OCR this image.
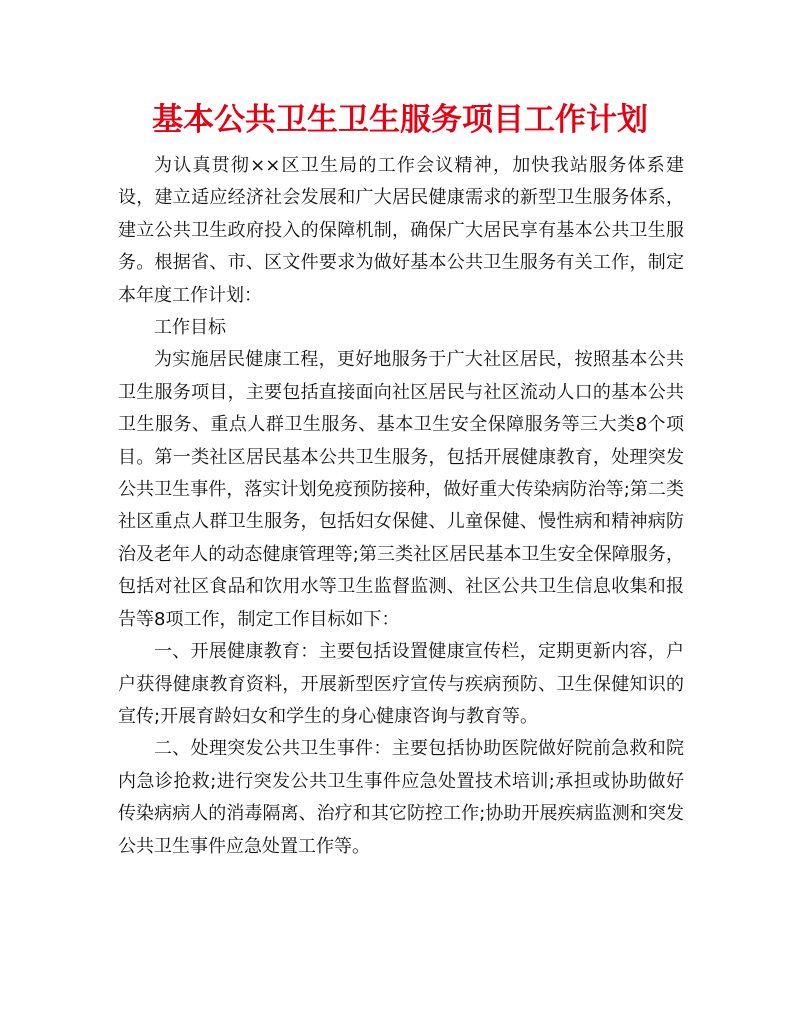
基本公共卫生卫生服务项目工作计划

为认真贯彻××区卫生局的工作会议精神，加快我站服务体系建设，建立适应经济社会发展和广大居民健康需求的新型卫生服务体系，建立公共卫生政府投入的保障机制，确保广大居民享有基本公共卫生服务。根据省、市、区文件要求为做好基本公共卫生服务有关工作，制定本年度工作计划：

工作目标

为实施居民健康工程，更好地服务于广大社区居民，按照基本公共卫生服务项目，主要包括直接面向社区居民与社区流动人口的基本公共卫生服务、重点人群卫生服务、基本卫生安全保障服务等三大类8个项目。第一类社区居民基本公共卫生服务，包括开展健康教育，处理突发公共卫生事件，落实计划免疫预防接种，做好重大传染病防治等;第二类社区重点人群卫生服务，包括妇女保健、儿童保健、慢性病和精神病防治及老年人的动态健康管理等;第三类社区居民基本卫生安全保障服务，包括对社区食品和饮用水等卫生监督监测、社区公共卫生信息收集和报告等8项工作，制定工作目标如下：

一、开展健康教育：主要包括设置健康宣传栏，定期更新内容，户户获得健康教育资料，开展新型医疗宣传与疾病预防、卫生保健知识的宣传;开展育龄妇女和学生的身心健康咨询与教育等。

二、处理突发公共卫生事件：主要包括协助医院做好院前急救和院内急诊抢救;进行突发公共卫生事件应急处置技术培训;承担或协助做好传染病病人的消毒隔离、治疗和其它防控工作;协助开展疾病监测和突发公共卫生事件应急处置工作等。
